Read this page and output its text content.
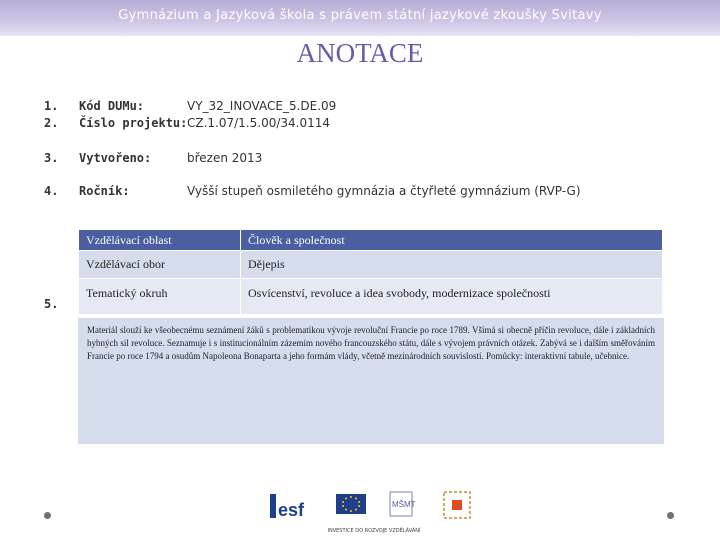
Gymnázium a Jazyková škola s právem státní jazykové zkoušky Svitavy
ANOTACE
1. Kód DUMu:	VY_32_INOVACE_5.DE.09
2. Číslo projektu: CZ.1.07/1.5.00/34.0114
3. Vytvořeno:	březen 2013
4. Ročník:	Vyšší stupeň osmiletého gymnázia a čtyřleté gymnázium (RVP-G)
5.
Vzdělávací oblast	Člověk a společnost
Vzdělávací obor	Dějepis
Tematický okruh	Osvícenství, revoluce a idea svobody, modernizace společnosti
Materiál slouží ke všeobecnému seznámení žáků s problematikou vývoje revoluční Francie po roce 1789. Všímá si obecně příčin revoluce, dále i základních hybných sil revoluce. Seznamuje i s institucionálním zázemím nového francouzského státu, dále s vývojem právních otázek. Zabývá se i dalším směřováním Francie po roce 1794 a osudům Napoleona Bonaparta a jeho formám vlády, včetně mezinárodních souvislostí. Pomůcky: interaktivní tabule, učebnice.
esf	MŠMT
INVESTICE DO ROZVOJE VZDĚLÁVÁNÍ
